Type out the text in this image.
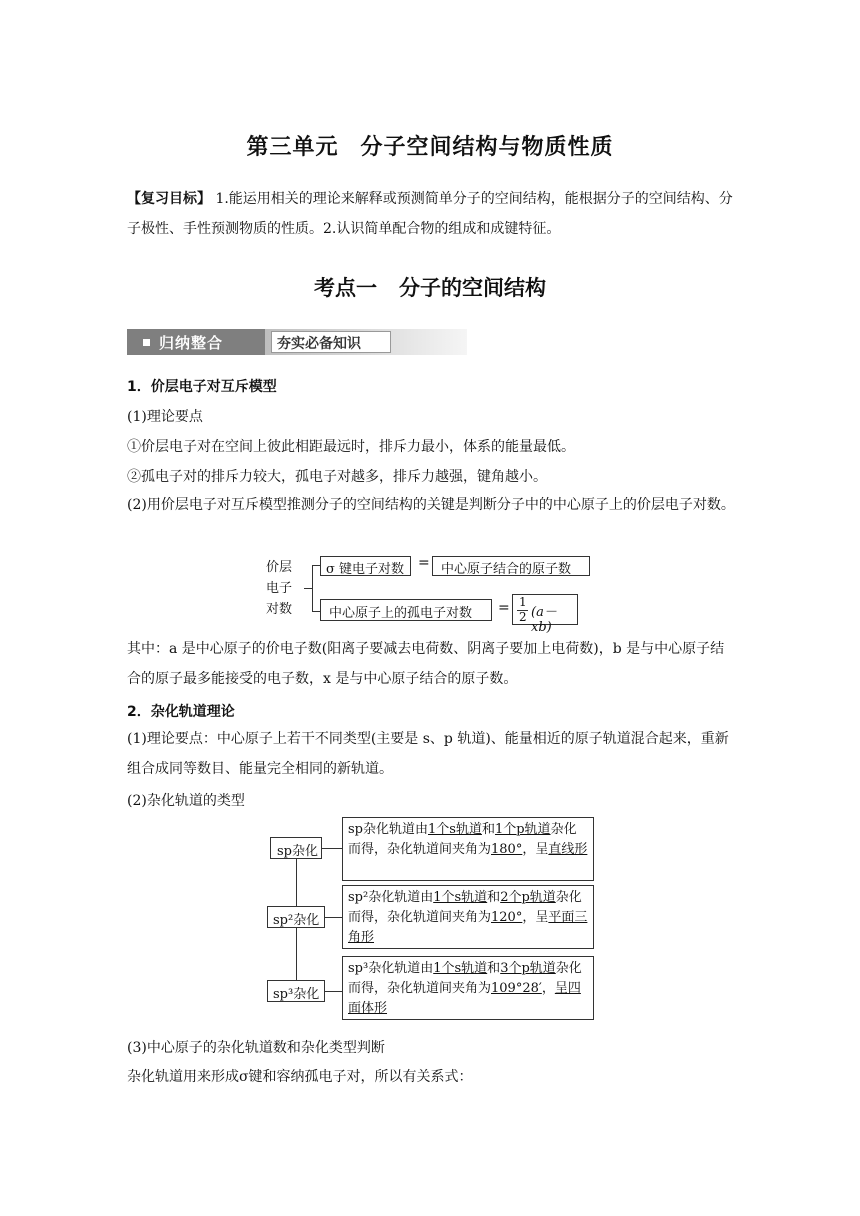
第三单元 分子空间结构与物质性质
【复习目标】 1.能运用相关的理论来解释或预测简单分子的空间结构，能根据分子的空间结构、分子极性、手性预测物质的性质。2.认识简单配合物的组成和成键特征。
考点一 分子的空间结构
归纳整合	夯实必备知识
1．价层电子对互斥模型
(1)理论要点
①价层电子对在空间上彼此相距最远时，排斥力最小，体系的能量最低。
②孤电子对的排斥力较大，孤电子对越多，排斥力越强，键角越小。
(2)用价层电子对互斥模型推测分子的空间结构的关键是判断分子中的中心原子上的价层电子对数。
价层
电子
对数
σ 键电子对数 = 中心原子结合的原子数
中心原子上的孤电子对数	= 1
2 (a－xb)
其中：a 是中心原子的价电子数(阳离子要减去电荷数、阴离子要加上电荷数)，b 是与中心原子结合的原子最多能接受的电子数，x 是与中心原子结合的原子数。
2．杂化轨道理论
(1)理论要点：中心原子上若干不同类型(主要是 s、p 轨道)、能量相近的原子轨道混合起来，重新组合成同等数目、能量完全相同的新轨道。
(2)杂化轨道的类型
sp杂化
sp杂化轨道由1个s轨道和1个p轨道杂化而得，杂化轨道间夹角为180°，呈直线形
sp²杂化
sp²杂化轨道由1个s轨道和2个p轨道杂化而得，杂化轨道间夹角为120°，呈平面三角形
sp³杂化
sp³杂化轨道由1个s轨道和3个p轨道杂化而得，杂化轨道间夹角为109°28′，呈四面体形
(3)中心原子的杂化轨道数和杂化类型判断
杂化轨道用来形成σ键和容纳孤电子对，所以有关系式：
